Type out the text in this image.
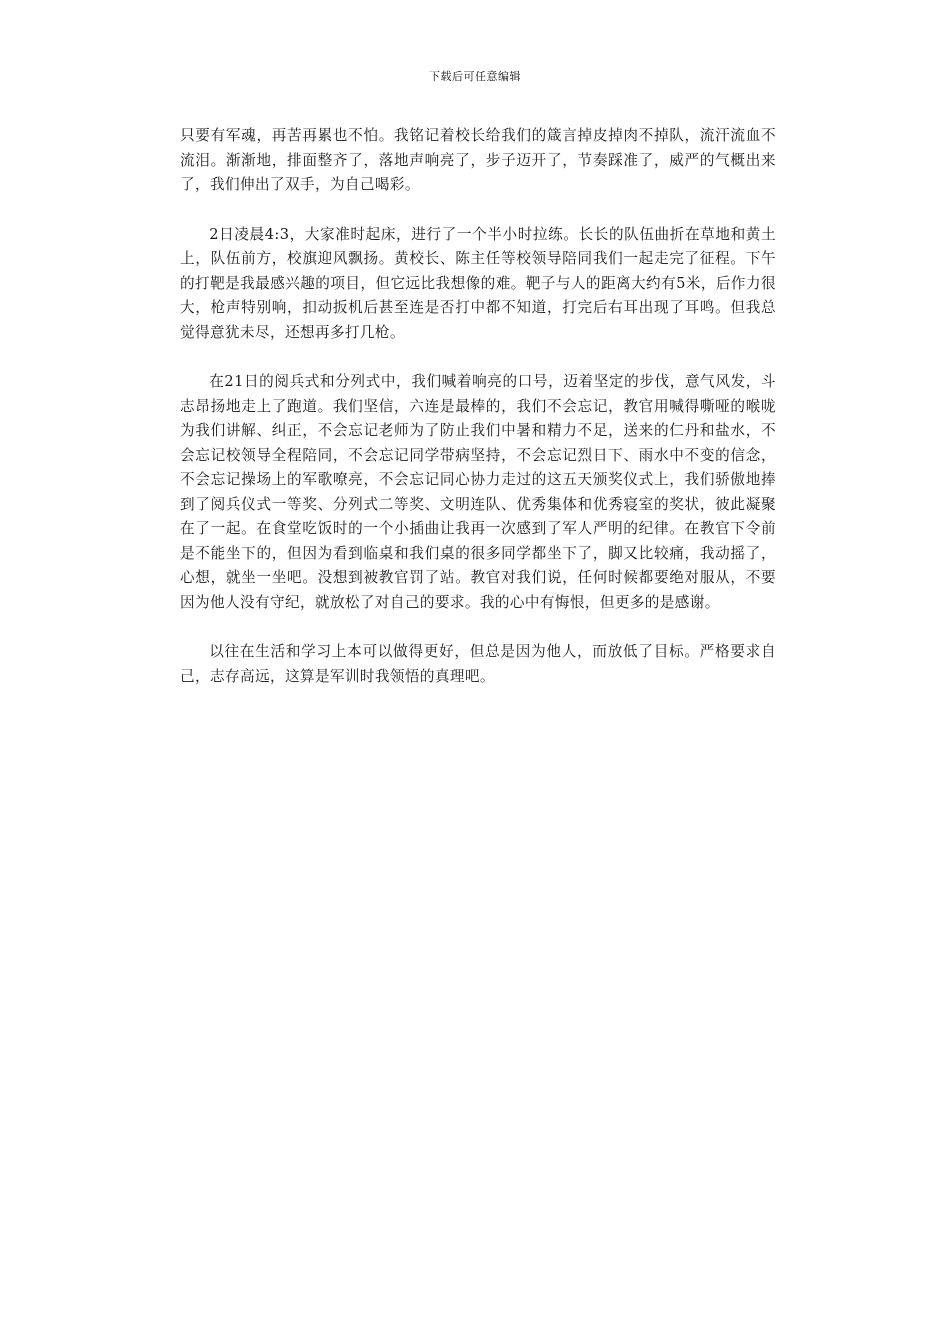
下载后可任意编辑

只要有军魂，再苦再累也不怕。我铭记着校长给我们的箴言掉皮掉肉不掉队，流汗流血不流泪。渐渐地，排面整齐了，落地声响亮了，步子迈开了，节奏踩准了，威严的气概出来了，我们伸出了双手，为自己喝彩。

2日凌晨4:3，大家准时起床，进行了一个半小时拉练。长长的队伍曲折在草地和黄土上，队伍前方，校旗迎风飘扬。黄校长、陈主任等校领导陪同我们一起走完了征程。下午的打靶是我最感兴趣的项目，但它远比我想像的难。靶子与人的距离大约有5米，后作力很大，枪声特别响，扣动扳机后甚至连是否打中都不知道，打完后右耳出现了耳鸣。但我总觉得意犹未尽，还想再多打几枪。

在21日的阅兵式和分列式中，我们喊着响亮的口号，迈着坚定的步伐，意气风发，斗志昂扬地走上了跑道。我们坚信，六连是最棒的，我们不会忘记，教官用喊得嘶哑的喉咙为我们讲解、纠正，不会忘记老师为了防止我们中暑和精力不足，送来的仁丹和盐水，不会忘记校领导全程陪同，不会忘记同学带病坚持，不会忘记烈日下、雨水中不变的信念，不会忘记操场上的军歌嘹亮，不会忘记同心协力走过的这五天颁奖仪式上，我们骄傲地捧到了阅兵仪式一等奖、分列式二等奖、文明连队、优秀集体和优秀寝室的奖状，彼此凝聚在了一起。在食堂吃饭时的一个小插曲让我再一次感到了军人严明的纪律。在教官下令前是不能坐下的，但因为看到临桌和我们桌的很多同学都坐下了，脚又比较痛，我动摇了，心想，就坐一坐吧。没想到被教官罚了站。教官对我们说，任何时候都要绝对服从，不要因为他人没有守纪，就放松了对自己的要求。我的心中有悔恨，但更多的是感谢。

以往在生活和学习上本可以做得更好，但总是因为他人，而放低了目标。严格要求自己，志存高远，这算是军训时我领悟的真理吧。
